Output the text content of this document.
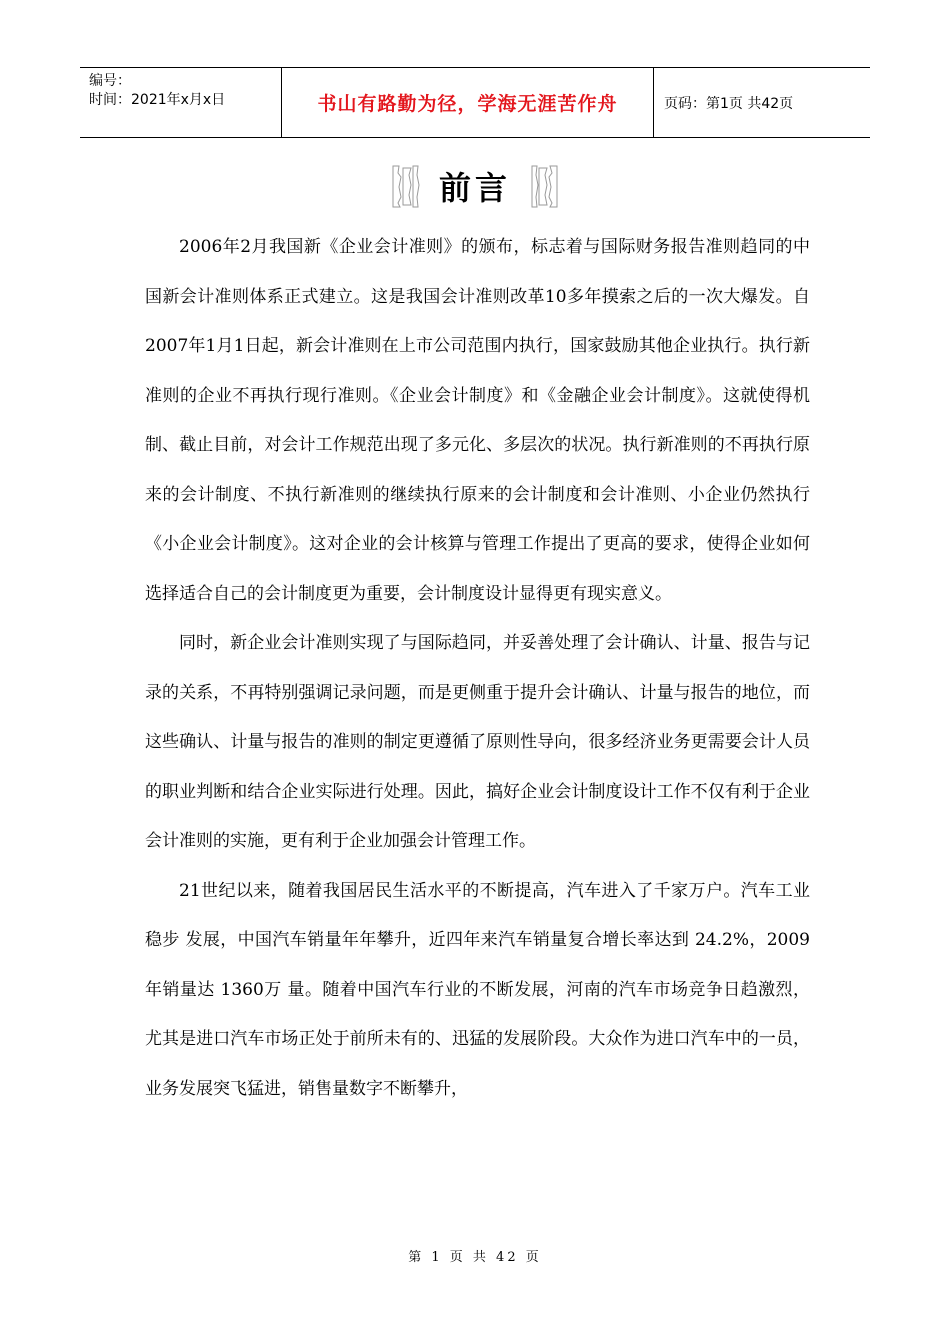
编号：
时间：2021年x月x日	书山有路勤为径，学海无涯苦作舟	页码：第1页 共42页
前言

2006年2月我国新《企业会计准则》的颁布，标志着与国际财务报告准则趋同的中国新会计准则体系正式建立。这是我国会计准则改革10多年摸索之后的一次大爆发。自2007年1月1日起，新会计准则在上市公司范围内执行，国家鼓励其他企业执行。执行新准则的企业不再执行现行准则。《企业会计制度》和《金融企业会计制度》。这就使得机制、截止目前，对会计工作规范出现了多元化、多层次的状况。执行新准则的不再执行原来的会计制度、不执行新准则的继续执行原来的会计制度和会计准则、小企业仍然执行《小企业会计制度》。这对企业的会计核算与管理工作提出了更高的要求，使得企业如何选择适合自己的会计制度更为重要，会计制度设计显得更有现实意义。

同时，新企业会计准则实现了与国际趋同，并妥善处理了会计确认、计量、报告与记录的关系，不再特别强调记录问题，而是更侧重于提升会计确认、计量与报告的地位，而这些确认、计量与报告的准则的制定更遵循了原则性导向，很多经济业务更需要会计人员的职业判断和结合企业实际进行处理。因此，搞好企业会计制度设计工作不仅有利于企业会计准则的实施，更有利于企业加强会计管理工作。

21世纪以来，随着我国居民生活水平的不断提高，汽车进入了千家万户。汽车工业稳步 发展，中国汽车销量年年攀升，近四年来汽车销量复合增长率达到 24.2%，2009年销量达 1360万 量。随着中国汽车行业的不断发展，河南的汽车市场竞争日趋激烈，尤其是进口汽车市场正处于前所未有的、迅猛的发展阶段。大众作为进口汽车中的一员，业务发展突飞猛进，销售量数字不断攀升，

第 1 页 共 42 页
